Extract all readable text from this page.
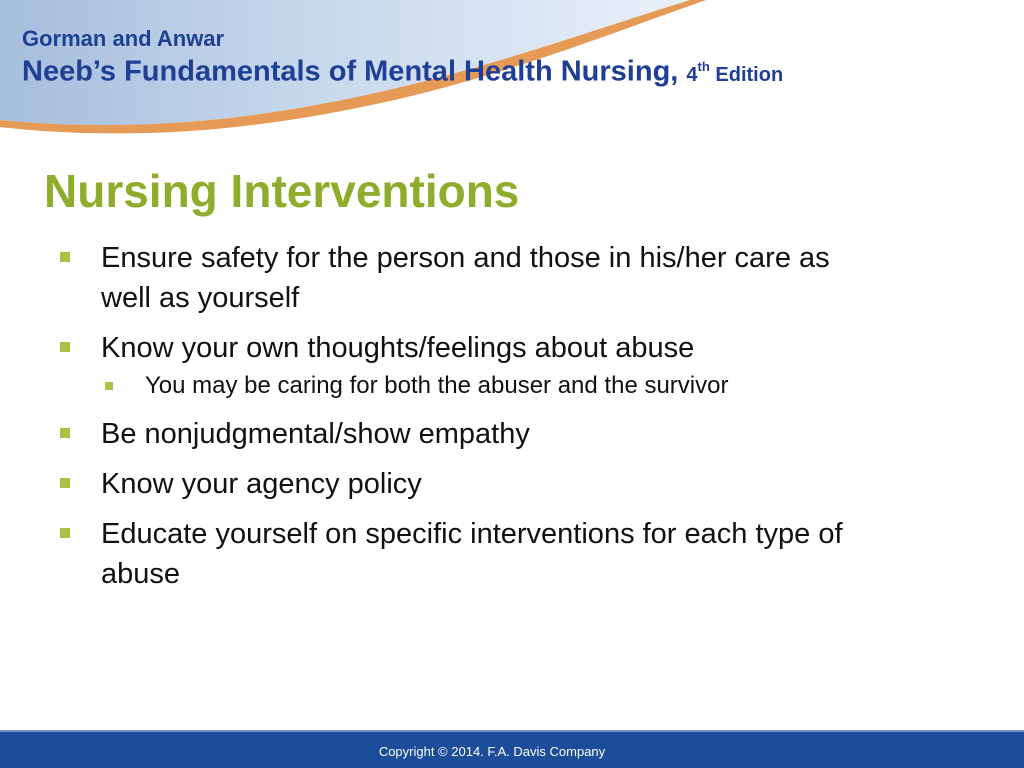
Gorman and Anwar
Neeb’s Fundamentals of Mental Health Nursing, 4th Edition
Nursing Interventions
Ensure safety for the person and those in his/her care as well as yourself
Know your own thoughts/feelings about abuse
You may be caring for both the abuser and the survivor
Be nonjudgmental/show empathy
Know your agency policy
Educate yourself on specific interventions for each type of abuse
Copyright © 2014. F.A. Davis Company
